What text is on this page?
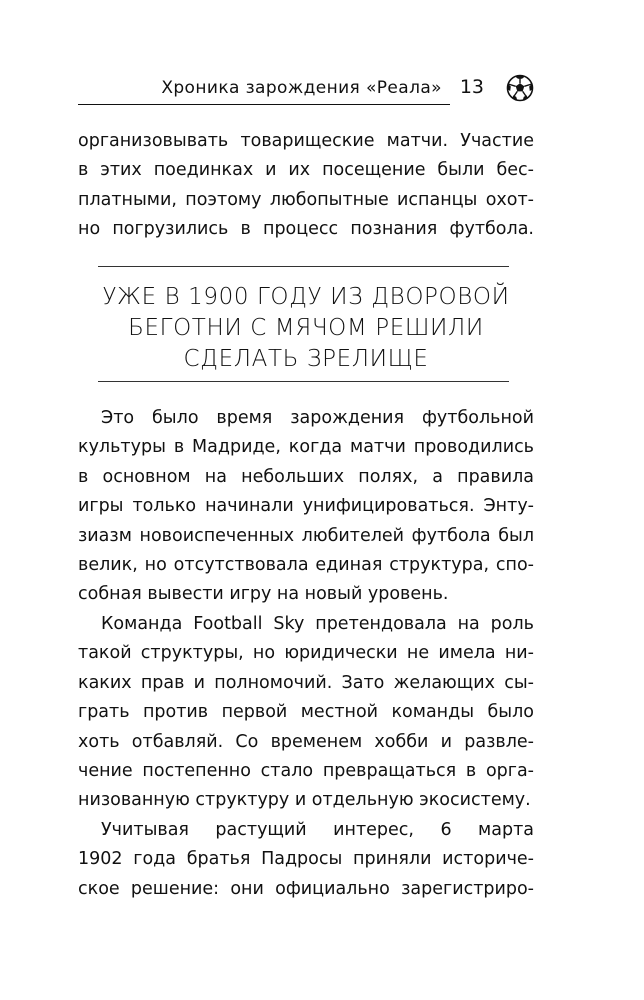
Хроника зарождения «Реала» 13
организовывать товарищеские матчи. Участие
в этих поединках и их посещение были бес-
платными, поэтому любопытные испанцы охот-
но погрузились в процесс познания футбола.
УЖЕ В 1900 ГОДУ ИЗ ДВОРОВОЙ
БЕГОТНИ С МЯЧОМ РЕШИЛИ
СДЕЛАТЬ ЗРЕЛИЩЕ
Это было время зарождения футбольной
культуры в Мадриде, когда матчи проводились
в основном на небольших полях, а правила
игры только начинали унифицироваться. Энту-
зиазм новоиспеченных любителей футбола был
велик, но отсутствовала единая структура, спо-
собная вывести игру на новый уровень.
Команда Football Sky претендовала на роль
такой структуры, но юридически не имела ни-
каких прав и полномочий. Зато желающих сы-
грать против первой местной команды было
хоть отбавляй. Со временем хобби и развле-
чение постепенно стало превращаться в орга-
низованную структуру и отдельную экосистему.
Учитывая растущий интерес, 6 марта
1902 года братья Падросы приняли историче-
ское решение: они официально зарегистриро-
